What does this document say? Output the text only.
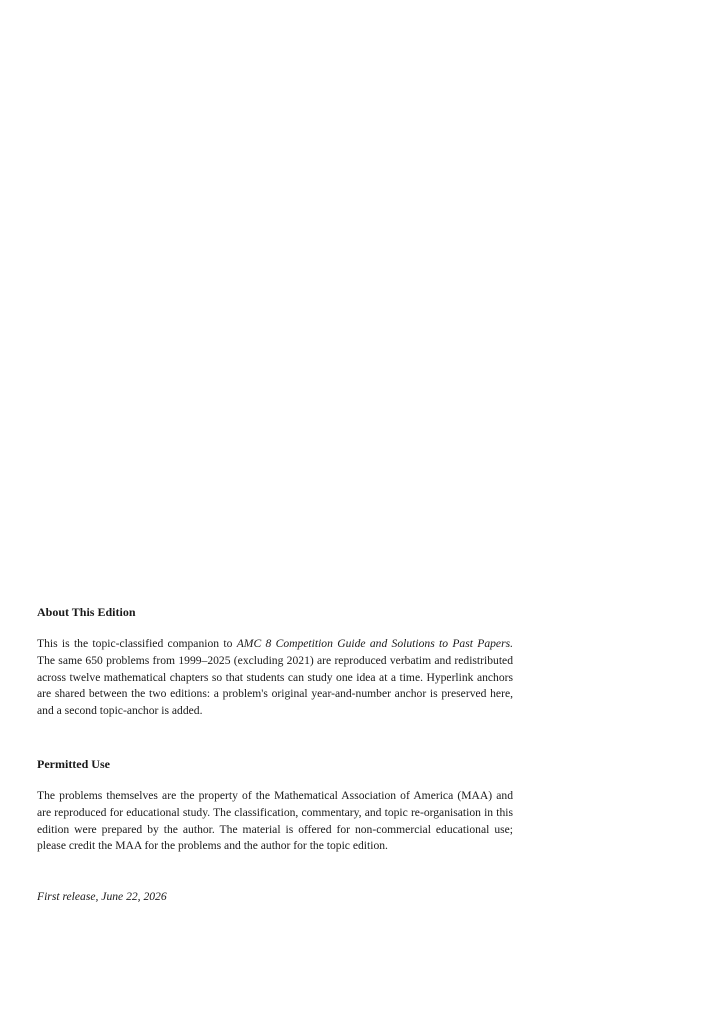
About This Edition

This is the topic-classified companion to AMC 8 Competition Guide and Solutions to Past Papers. The same 650 problems from 1999–2025 (excluding 2021) are reproduced verbatim and redistributed across twelve mathematical chapters so that students can study one idea at a time. Hyperlink anchors are shared between the two editions: a problem's original year-and-number anchor is preserved here, and a second topic-anchor is added.

Permitted Use

The problems themselves are the property of the Mathematical Association of America (MAA) and are reproduced for educational study. The classification, commentary, and topic re-organisation in this edition were prepared by the author. The material is offered for non-commercial educational use; please credit the MAA for the problems and the author for the topic edition.

First release, June 22, 2026
